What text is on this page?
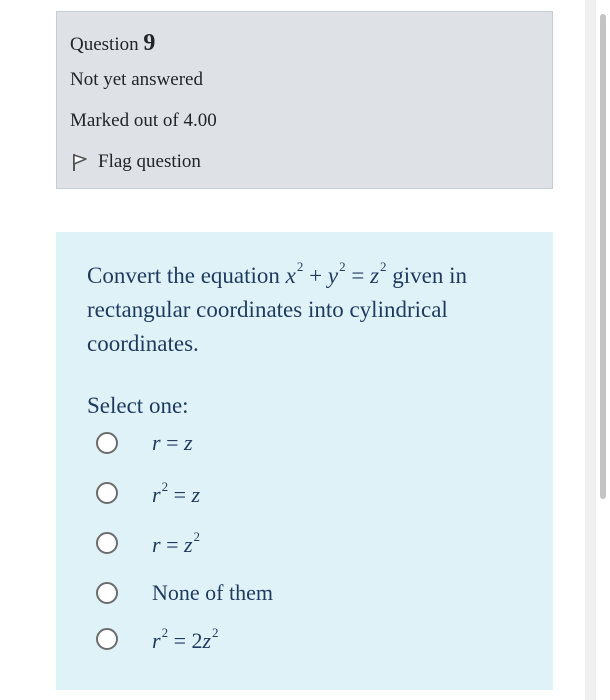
Question 9
Not yet answered
Marked out of 4.00
Flag question
Convert the equation $x^2 + y^2 = z^2$ given in rectangular coordinates into cylindrical coordinates.
Select one:
r = z
$r^2 = z$
$r = z^2$
None of them
$r^2 = 2z^2$
